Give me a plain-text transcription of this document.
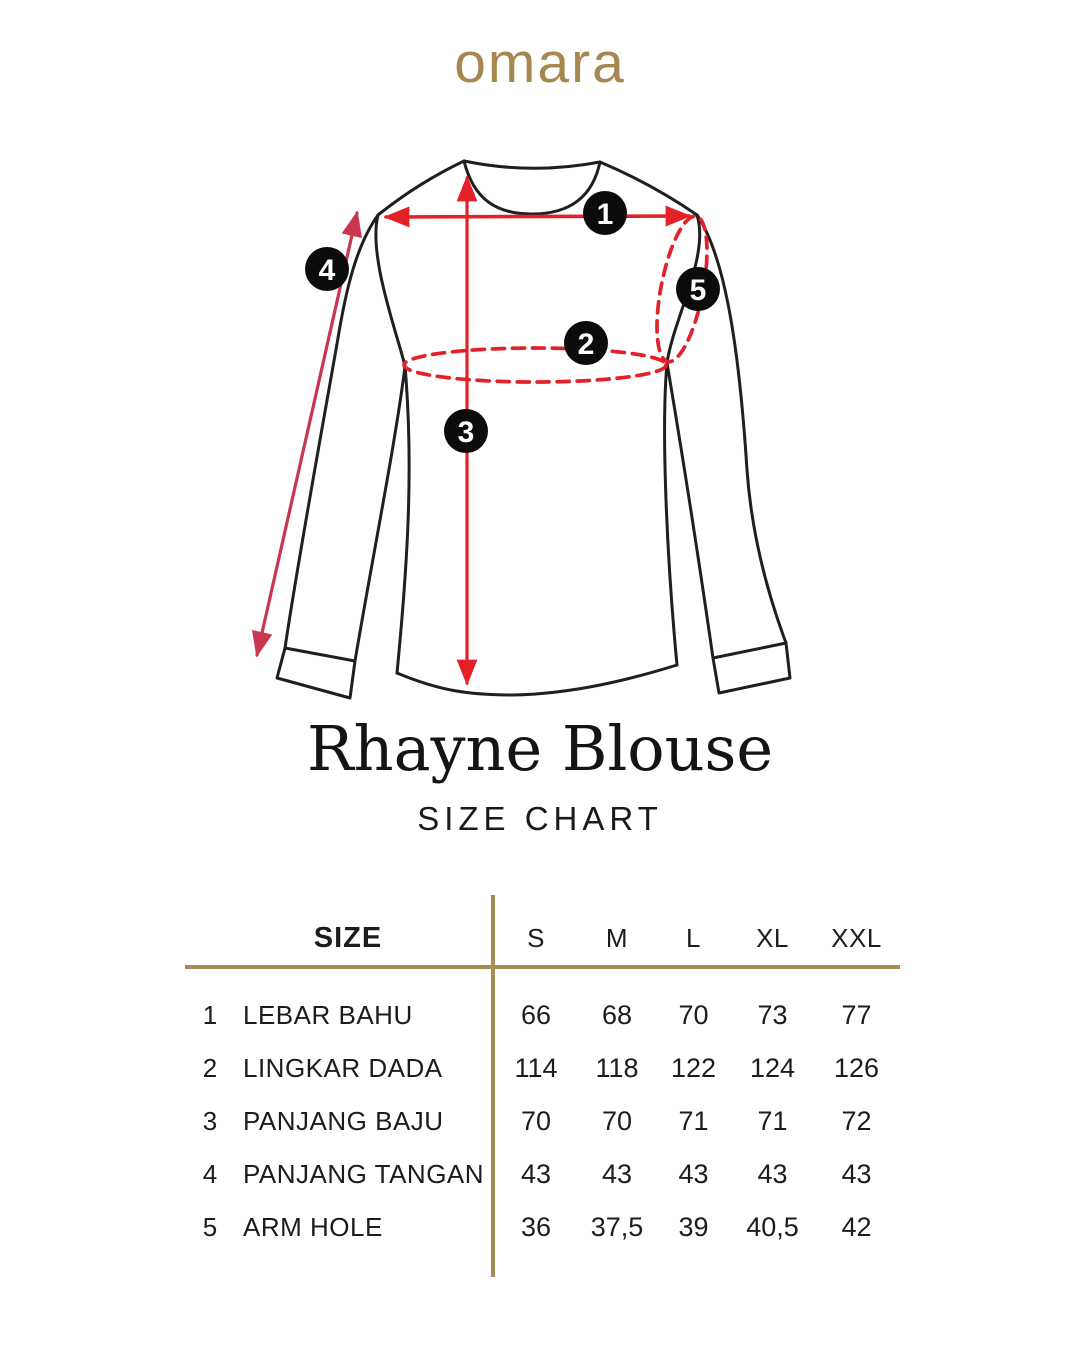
omara
1
2
3
4
5
Rhayne Blouse
SIZE CHART
SIZE	S	M	L	XL	XXL
1 LEBAR BAHU	66	68	70	73	77
2 LINGKAR DADA	114	118	122	124	126
3 PANJANG BAJU	70	70	71	71	72
4 PANJANG TANGAN	43	43	43	43	43
5 ARM HOLE	36	37,5	39	40,5	42
